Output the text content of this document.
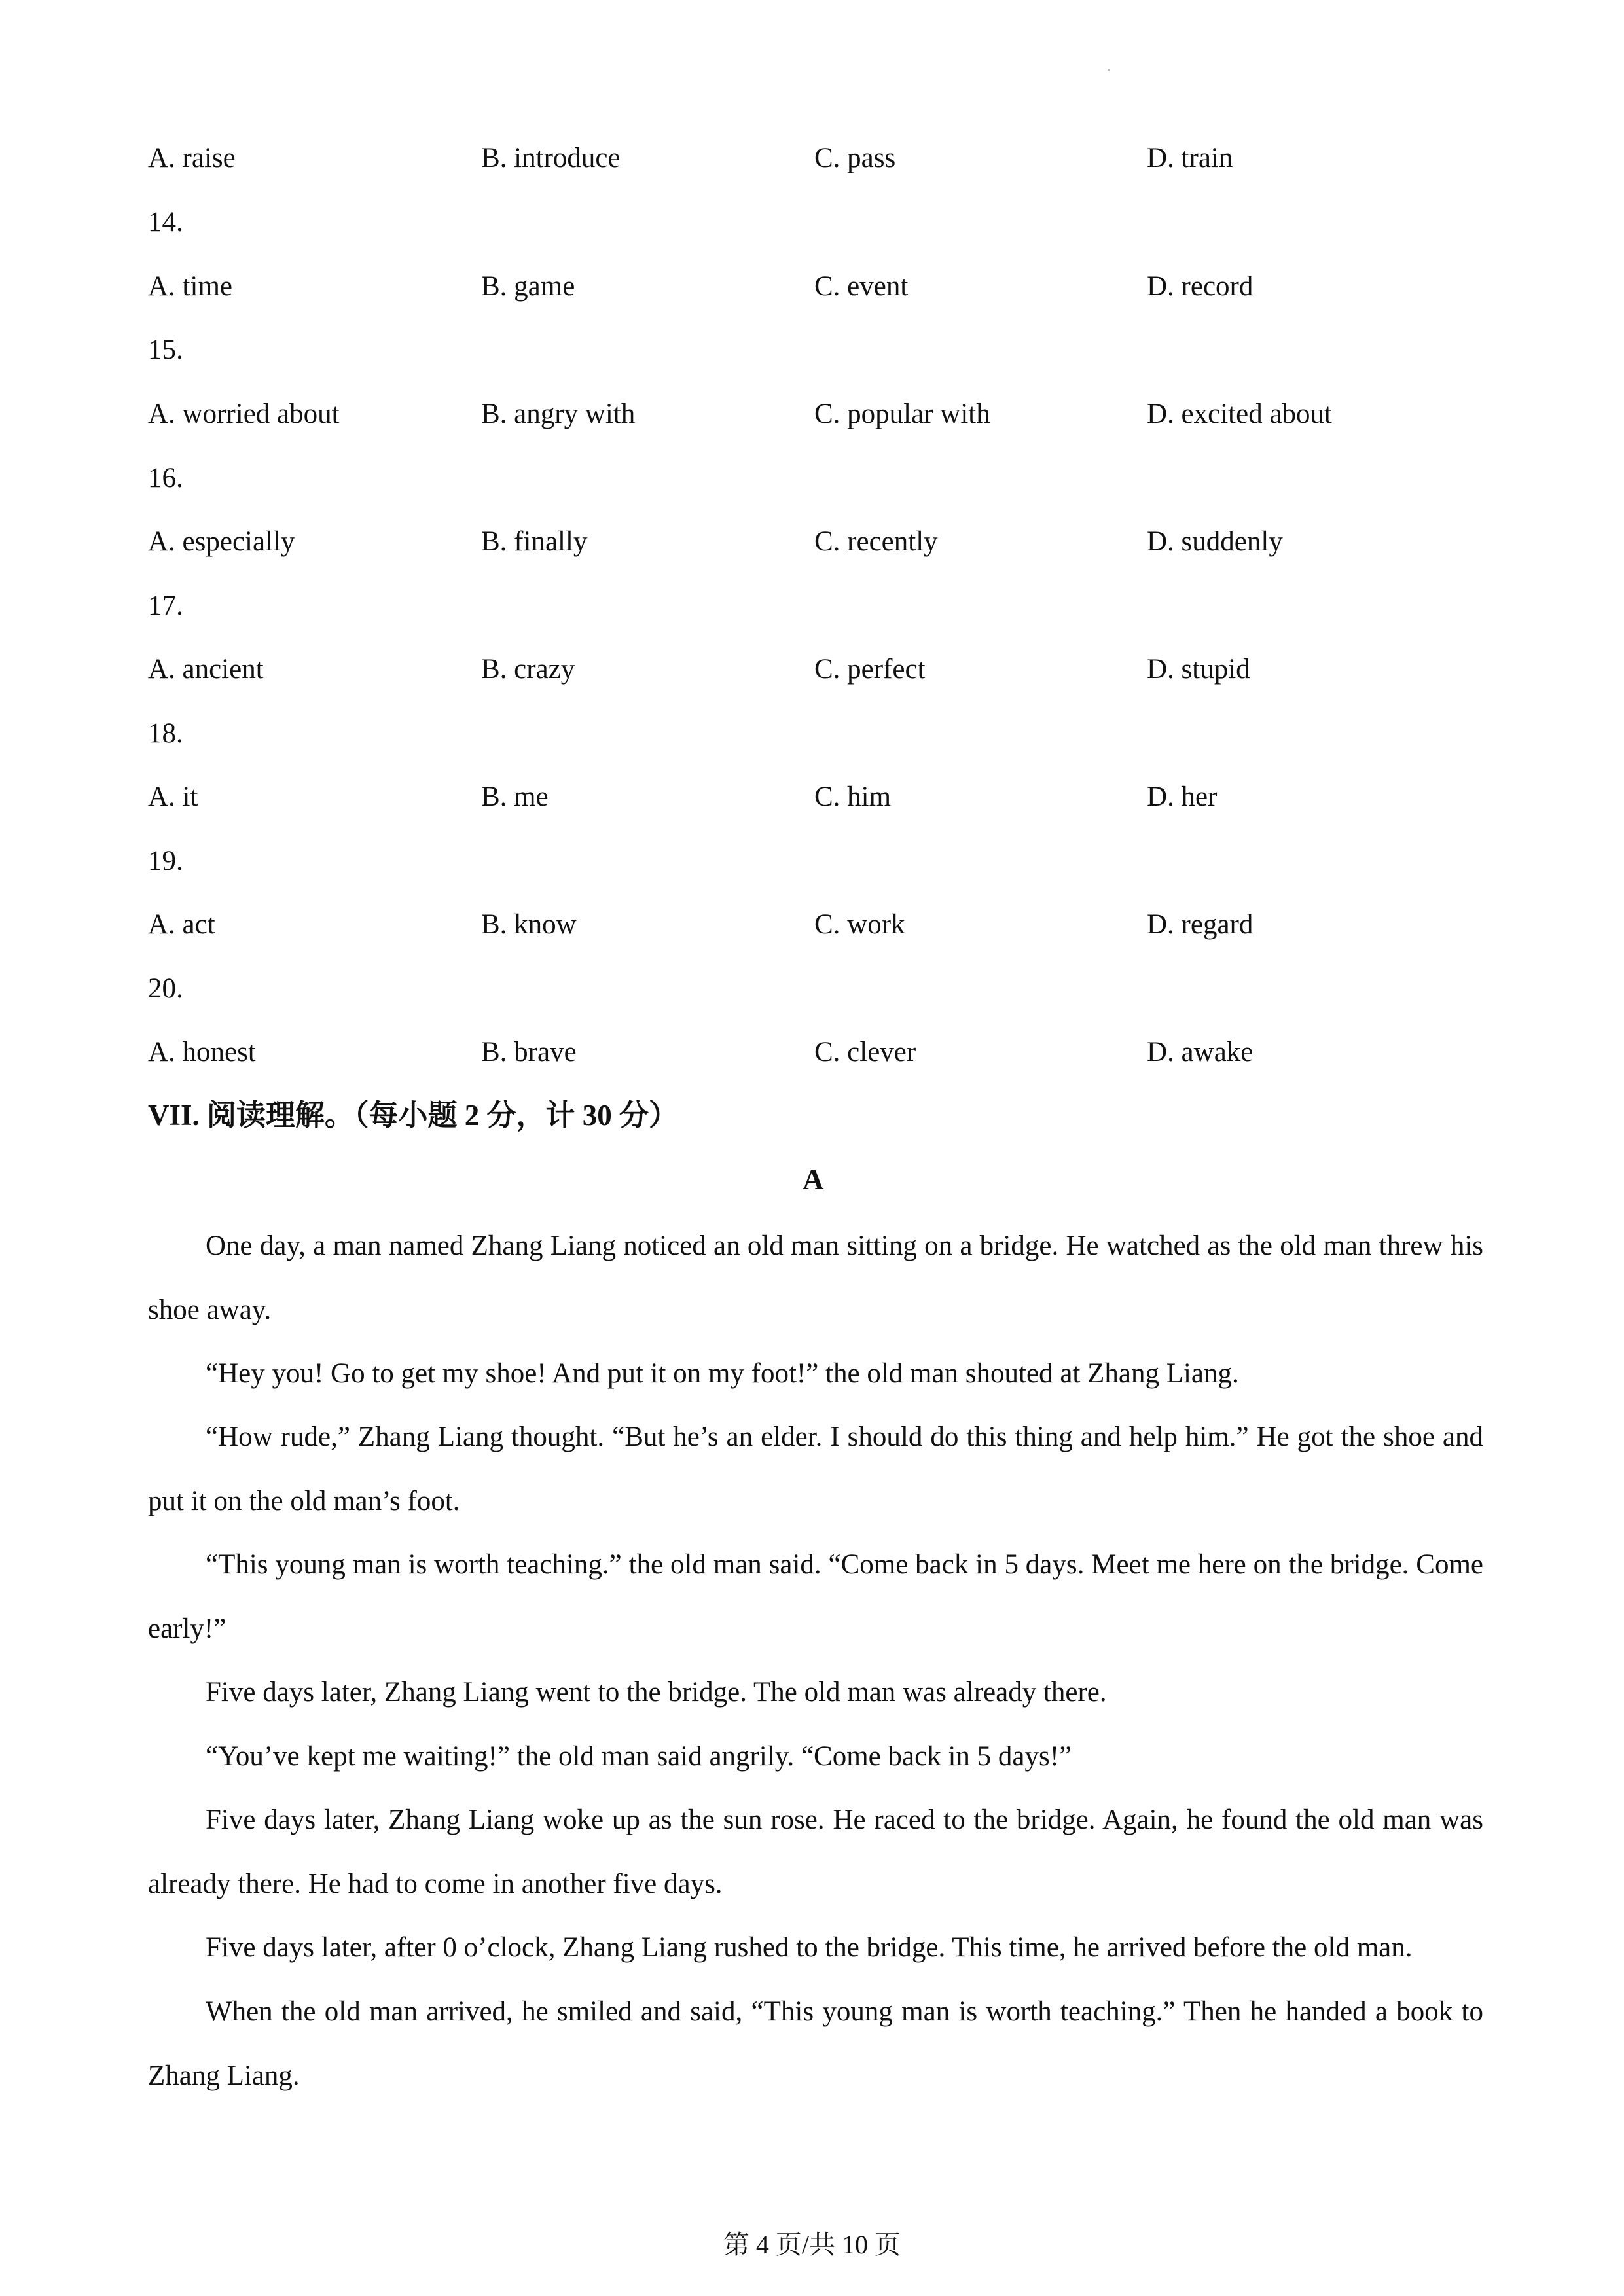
A. raise	B. introduce	C. pass	D. train
14.
A. time	B. game	C. event	D. record
15.
A. worried about	B. angry with	C. popular with	D. excited about
16.
A. especially	B. finally	C. recently	D. suddenly
17.
A. ancient	B. crazy	C. perfect	D. stupid
18.
A. it	B. me	C. him	D. her
19.
A. act	B. know	C. work	D. regard
20.
A. honest	B. brave	C. clever	D. awake
VII. 阅读理解。（每小题 2 分，计 30 分）
A
One day, a man named Zhang Liang noticed an old man sitting on a bridge. He watched as the old man threw his shoe away.
“Hey you! Go to get my shoe! And put it on my foot!” the old man shouted at Zhang Liang.
“How rude,” Zhang Liang thought. “But he’s an elder. I should do this thing and help him.” He got the shoe and put it on the old man’s foot.
“This young man is worth teaching.” the old man said. “Come back in 5 days. Meet me here on the bridge. Come early!”
Five days later, Zhang Liang went to the bridge. The old man was already there.
“You’ve kept me waiting!” the old man said angrily. “Come back in 5 days!”
Five days later, Zhang Liang woke up as the sun rose. He raced to the bridge. Again, he found the old man was already there. He had to come in another five days.
Five days later, after 0 o’clock, Zhang Liang rushed to the bridge. This time, he arrived before the old man.
When the old man arrived, he smiled and said, “This young man is worth teaching.” Then he handed a book to Zhang Liang.
第 4 页/共 10 页
